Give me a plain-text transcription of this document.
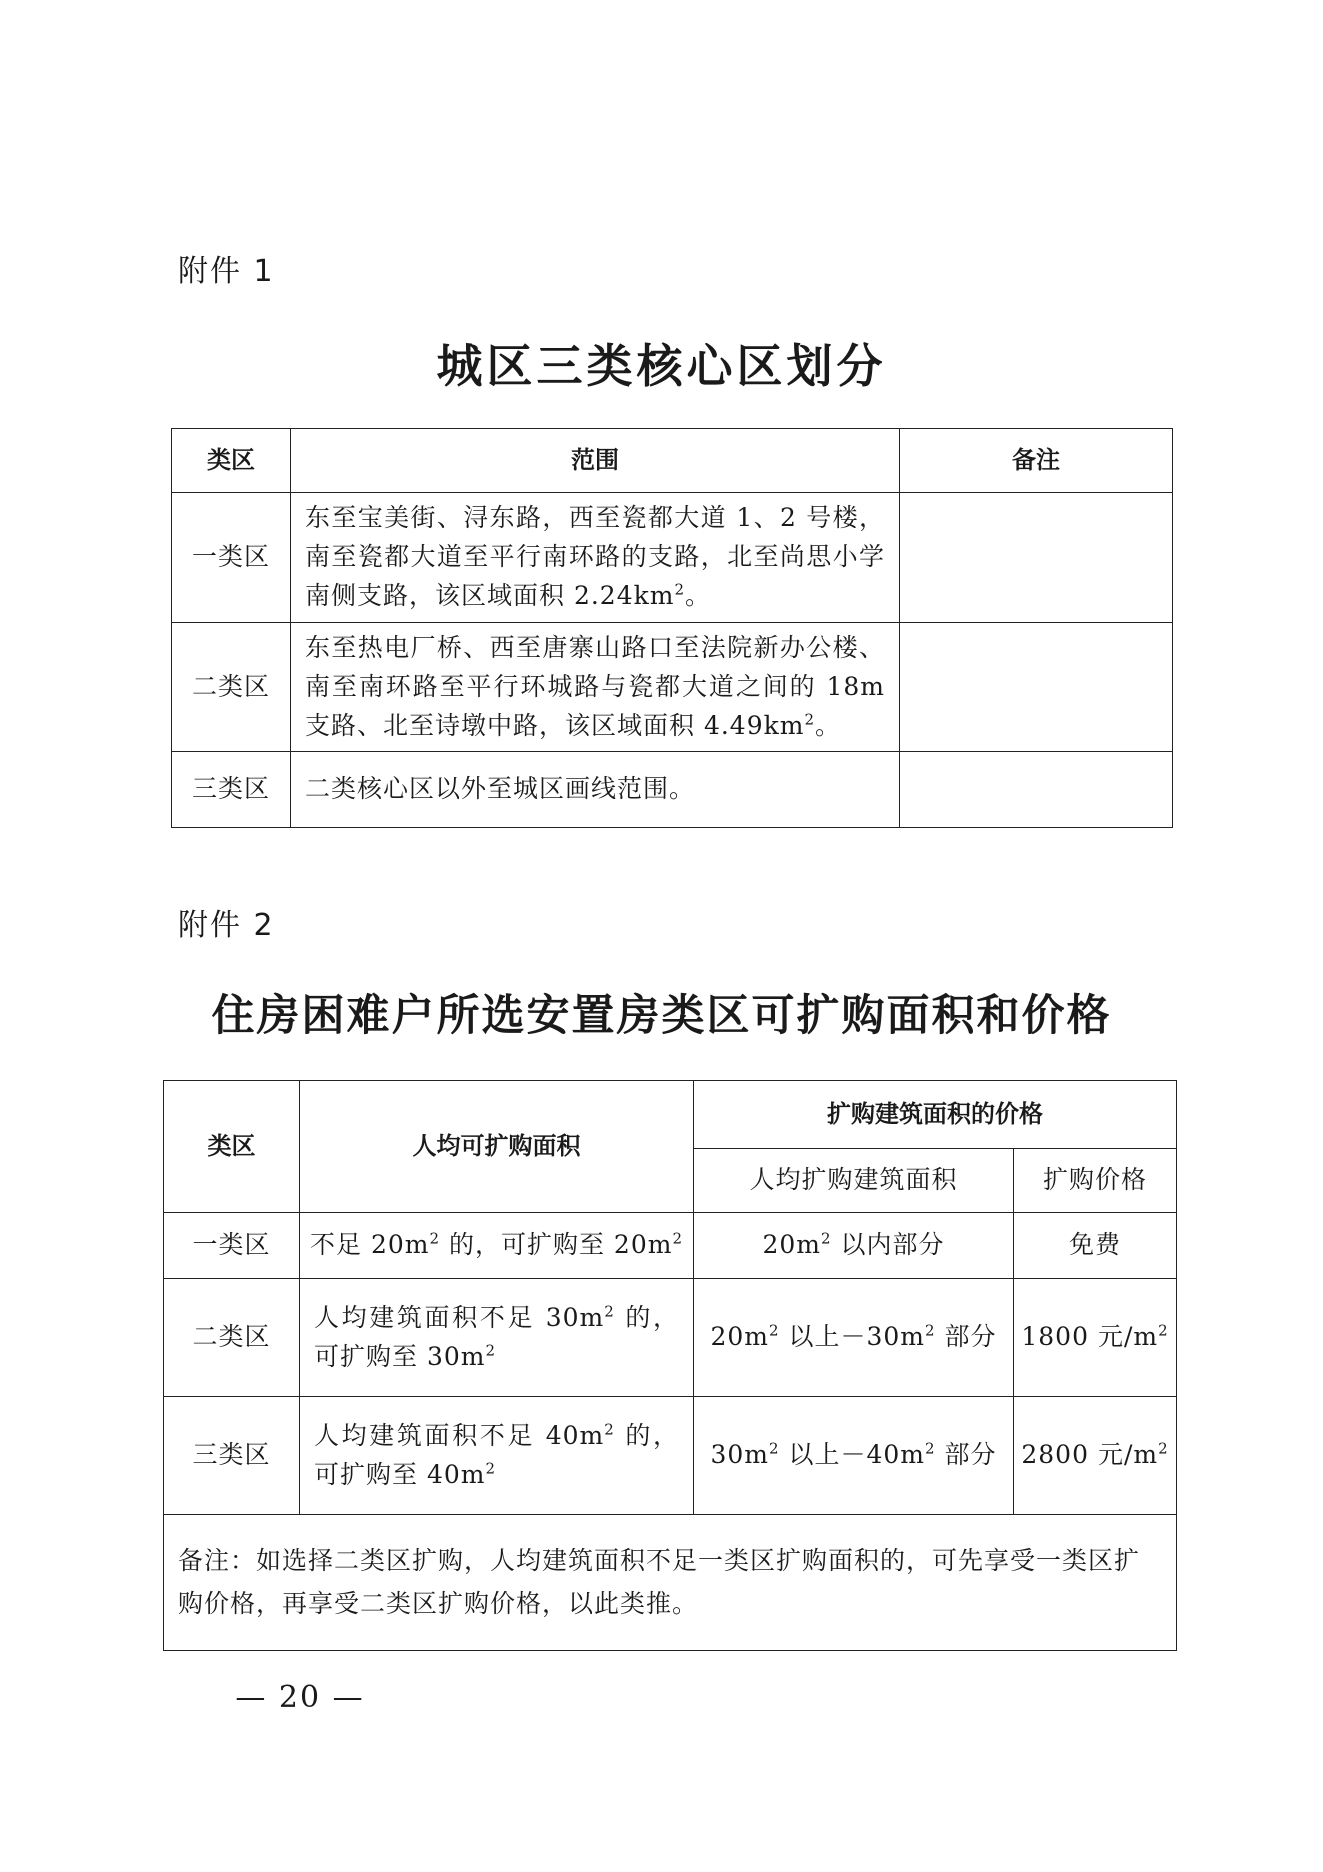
附件 1
城区三类核心区划分
类区	范围	备注
一类区	东至宝美街、浔东路，西至瓷都大道 1、2 号楼，南至瓷都大道至平行南环路的支路，北至尚思小学南侧支路，该区域面积 $2.24km^2$。	
二类区	东至热电厂桥、西至唐寨山路口至法院新办公楼、南至南环路至平行环城路与瓷都大道之间的 18m 支路、北至诗墩中路，该区域面积 $4.49km^2$。	
三类区	二类核心区以外至城区画线范围。	
附件 2
住房困难户所选安置房类区可扩购面积和价格
类区	人均可扩购面积	扩购建筑面积的价格	
		人均扩购建筑面积	扩购价格
一类区	不足 $20m^2$ 的，可扩购至 $20m^2$	$20m^2$ 以内部分	免费
二类区	人均建筑面积不足 $30m^2$ 的，可扩购至 $30m^2$	$20m^2$ 以上$-30m^2$ 部分	1800 元$/m^2$
三类区	人均建筑面积不足 $40m^2$ 的，可扩购至 $40m^2$	$30m^2$ 以上$-40m^2$ 部分	2800 元$/m^2$
备注：如选择二类区扩购，人均建筑面积不足一类区扩购面积的，可先享受一类区扩购价格，再享受二类区扩购价格，以此类推。			
— 20 —
